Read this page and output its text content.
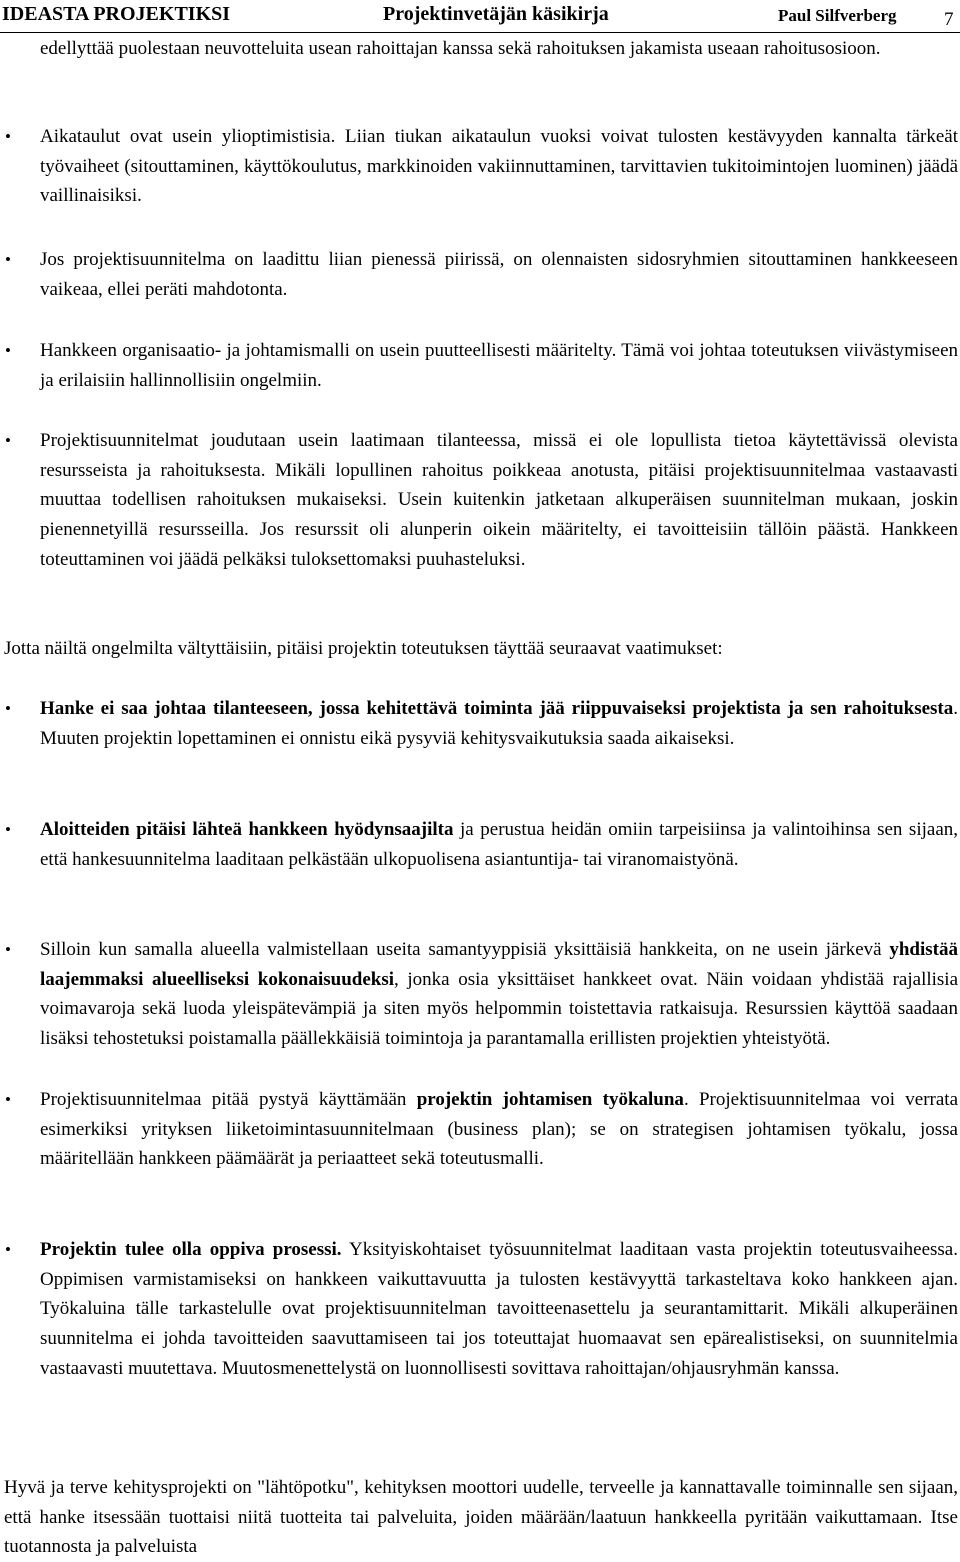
IDEASTA PROJEKTIKSI	Projektinvetäjän käsikirja	Paul Silfverberg 7
edellyttää puolestaan neuvotteluita usean rahoittajan kanssa sekä rahoituksen jakamista useaan rahoitusosioon.
• Aikataulut ovat usein ylioptimistisia. Liian tiukan aikataulun vuoksi voivat tulosten kestävyyden kannalta tärkeät työvaiheet (sitouttaminen, käyttökoulutus, markkinoiden vakiinnuttaminen, tarvittavien tukitoimintojen luominen) jäädä vaillinaisiksi.
• Jos projektisuunnitelma on laadittu liian pienessä piirissä, on olennaisten sidosryhmien sitouttaminen hankkeeseen vaikeaa, ellei peräti mahdotonta.
• Hankkeen organisaatio- ja johtamismalli on usein puutteellisesti määritelty. Tämä voi johtaa toteutuksen viivästymiseen ja erilaisiin hallinnollisiin ongelmiin.
• Projektisuunnitelmat joudutaan usein laatimaan tilanteessa, missä ei ole lopullista tietoa käytettävissä olevista resursseista ja rahoituksesta. Mikäli lopullinen rahoitus poikkeaa anotusta, pitäisi projektisuunnitelmaa vastaavasti muuttaa todellisen rahoituksen mukaiseksi. Usein kuitenkin jatketaan alkuperäisen suunnitelman mukaan, joskin pienennetyillä resursseilla. Jos resurssit oli alunperin oikein määritelty, ei tavoitteisiin tällöin päästä. Hankkeen toteuttaminen voi jäädä pelkäksi tuloksettomaksi puuhasteluksi.
Jotta näiltä ongelmilta vältyttäisiin, pitäisi projektin toteutuksen täyttää seuraavat vaatimukset:
• Hanke ei saa johtaa tilanteeseen, jossa kehitettävä toiminta jää riippuvaiseksi projektista ja sen rahoituksesta. Muuten projektin lopettaminen ei onnistu eikä pysyviä kehitysvaikutuksia saada aikaiseksi.
• Aloitteiden pitäisi lähteä hankkeen hyödynsaajilta ja perustua heidän omiin tarpeisiinsa ja valintoihinsa sen sijaan, että hankesuunnitelma laaditaan pelkästään ulkopuolisena asiantuntija- tai viranomaistyönä.
• Silloin kun samalla alueella valmistellaan useita samantyyppisiä yksittäisiä hankkeita, on ne usein järkevä yhdistää laajemmaksi alueelliseksi kokonaisuudeksi, jonka osia yksittäiset hankkeet ovat. Näin voidaan yhdistää rajallisia voimavaroja sekä luoda yleispätevämpiä ja siten myös helpommin toistettavia ratkaisuja. Resurssien käyttöä saadaan lisäksi tehostetuksi poistamalla päällekkäisiä toimintoja ja parantamalla erillisten projektien yhteistyötä.
• Projektisuunnitelmaa pitää pystyä käyttämään projektin johtamisen työkaluna. Projektisuunnitelmaa voi verrata esimerkiksi yrityksen liiketoimintasuunnitelmaan (business plan); se on strategisen johtamisen työkalu, jossa määritellään hankkeen päämäärät ja periaatteet sekä toteutusmalli.
• Projektin tulee olla oppiva prosessi. Yksityiskohtaiset työsuunnitelmat laaditaan vasta projektin toteutusvaiheessa. Oppimisen varmistamiseksi on hankkeen vaikuttavuutta ja tulosten kestävyyttä tarkasteltava koko hankkeen ajan. Työkaluina tälle tarkastelulle ovat projektisuunnitelman tavoitteenasettelu ja seurantamittarit. Mikäli alkuperäinen suunnitelma ei johda tavoitteiden saavuttamiseen tai jos toteuttajat huomaavat sen epärealistiseksi, on suunnitelmia vastaavasti muutettava. Muutosmenettelystä on luonnollisesti sovittava rahoittajan/ohjausryhmän kanssa.
Hyvä ja terve kehitysprojekti on "lähtöpotku", kehityksen moottori uudelle, terveelle ja kannattavalle toiminnalle sen sijaan, että hanke itsessään tuottaisi niitä tuotteita tai palveluita, joiden määrään/laatuun hankkeella pyritään vaikuttamaan. Itse tuotannosta ja palveluista
